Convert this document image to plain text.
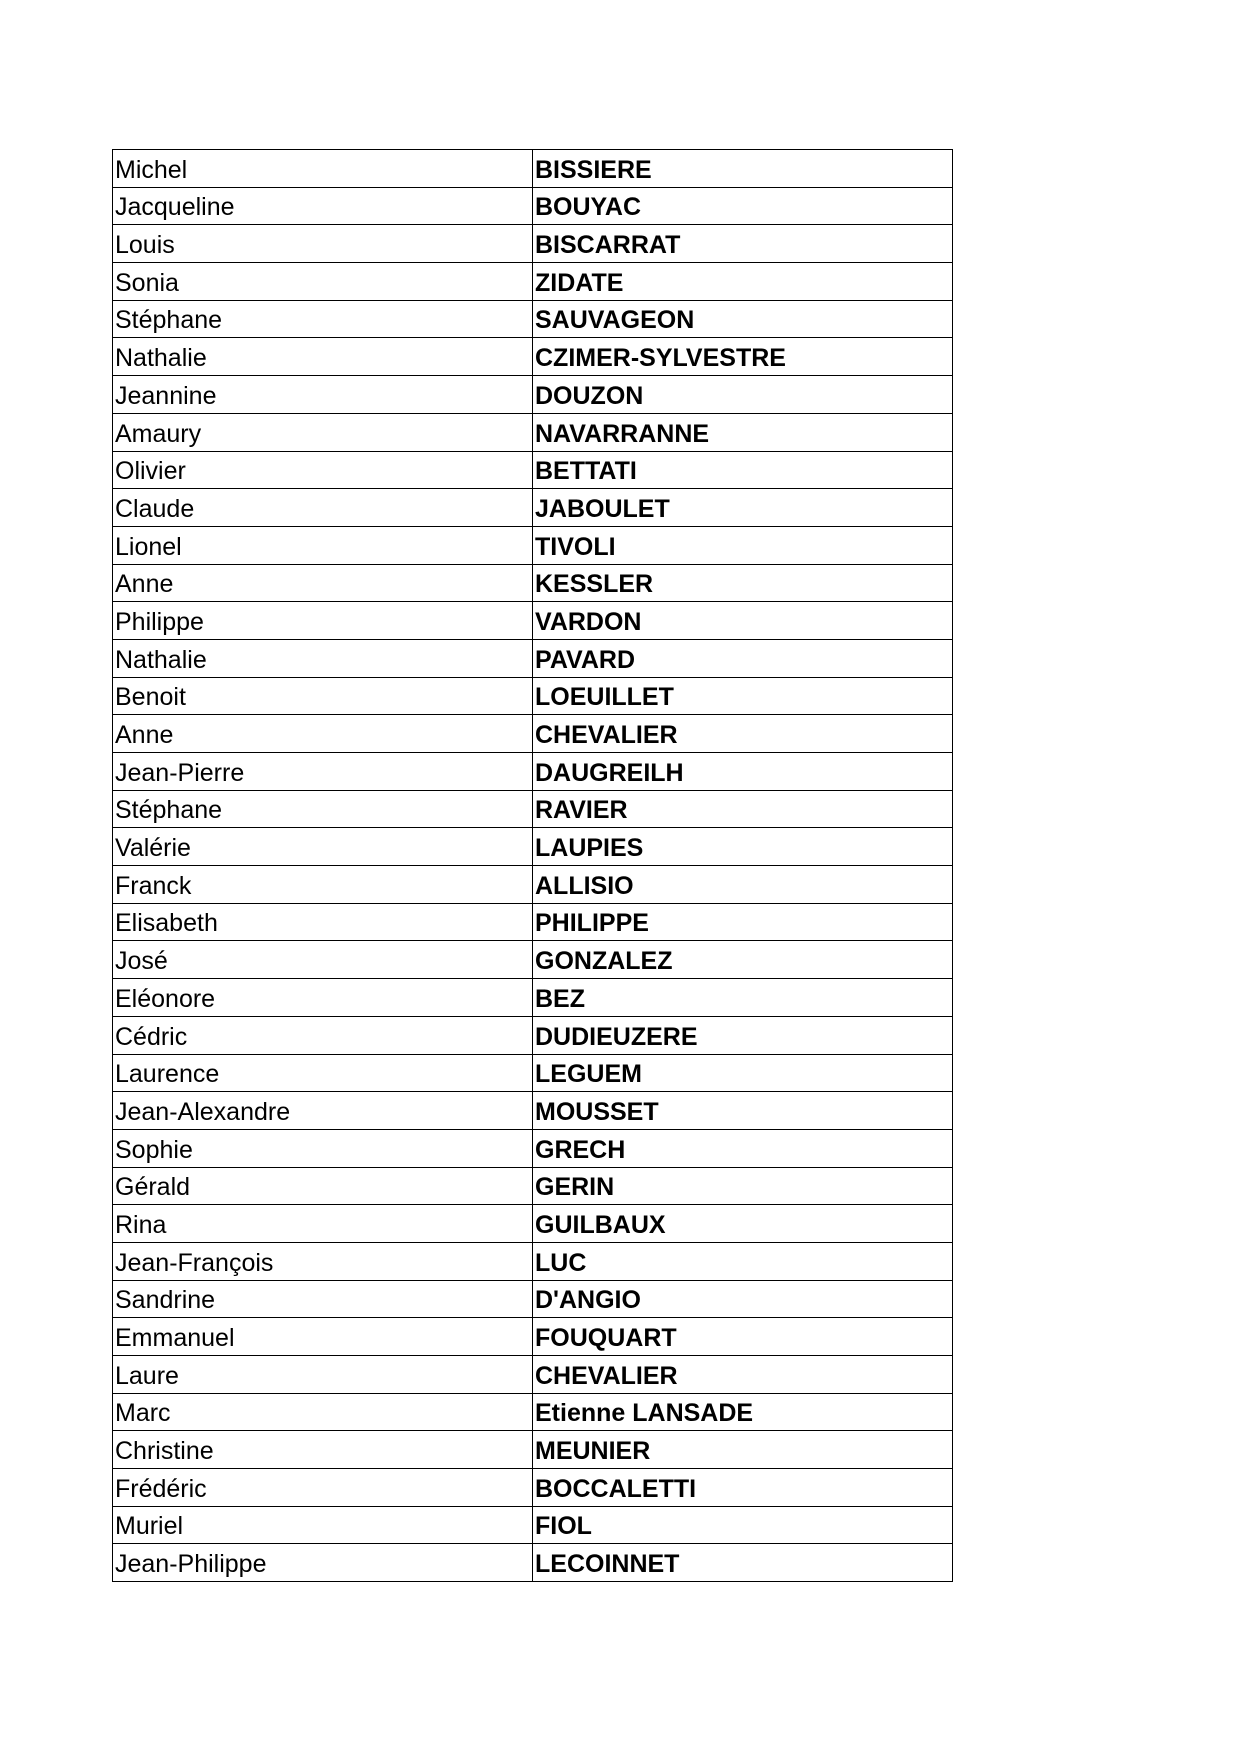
Michel	BISSIERE
Jacqueline	BOUYAC
Louis	BISCARRAT
Sonia	ZIDATE
Stéphane	SAUVAGEON
Nathalie	CZIMER-SYLVESTRE
Jeannine	DOUZON
Amaury	NAVARRANNE
Olivier	BETTATI
Claude	JABOULET
Lionel	TIVOLI
Anne	KESSLER
Philippe	VARDON
Nathalie	PAVARD
Benoit	LOEUILLET
Anne	CHEVALIER
Jean-Pierre	DAUGREILH
Stéphane	RAVIER
Valérie	LAUPIES
Franck	ALLISIO
Elisabeth	PHILIPPE
José	GONZALEZ
Eléonore	BEZ
Cédric	DUDIEUZERE
Laurence	LEGUEM
Jean-Alexandre	MOUSSET
Sophie	GRECH
Gérald	GERIN
Rina	GUILBAUX
Jean-François	LUC
Sandrine	D'ANGIO
Emmanuel	FOUQUART
Laure	CHEVALIER
Marc	Etienne LANSADE
Christine	MEUNIER
Frédéric	BOCCALETTI
Muriel	FIOL
Jean-Philippe	LECOINNET
